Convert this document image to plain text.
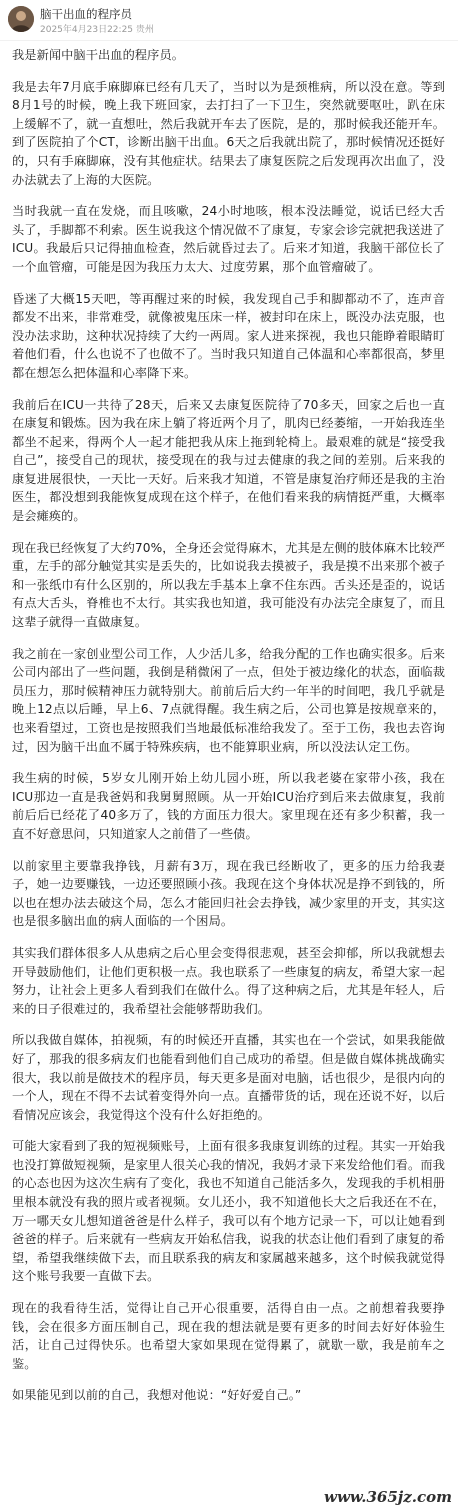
脑干出血的程序员
2025年4月23日22:25 贵州

我是新闻中脑干出血的程序员。

我是去年7月底手麻脚麻已经有几天了，当时以为是颈椎病，所以没在意。等到8月1号的时候，晚上我下班回家，去打扫了一下卫生，突然就要呕吐，趴在床上缓解不了，就一直想吐，然后我就开车去了医院，是的，那时候我还能开车。到了医院拍了个CT，诊断出脑干出血。6天之后我就出院了，那时候情况还挺好的，只有手麻脚麻，没有其他症状。结果去了康复医院之后发现再次出血了，没办法就去了上海的大医院。

当时我就一直在发烧，而且咳嗽，24小时地咳，根本没法睡觉，说话已经大舌头了，手脚都不利索。医生说我这个情况做不了康复，专家会诊完就把我送进了ICU。我最后只记得抽血检查，然后就昏过去了。后来才知道，我脑干部位长了一个血管瘤，可能是因为我压力太大、过度劳累，那个血管瘤破了。

昏迷了大概15天吧，等再醒过来的时候，我发现自己手和脚都动不了，连声音都发不出来，非常难受，就像被鬼压床一样，被封印在床上，既没办法克服，也没办法求助，这种状况持续了大约一两周。家人进来探视，我也只能睁着眼睛盯着他们看，什么也说不了也做不了。当时我只知道自己体温和心率都很高，梦里都在想怎么把体温和心率降下来。

我前后在ICU一共待了28天，后来又去康复医院待了70多天，回家之后也一直在康复和锻炼。因为我在床上躺了将近两个月了，肌肉已经萎缩，一开始我连坐都坐不起来，得两个人一起才能把我从床上拖到轮椅上。最艰难的就是“接受我自己”，接受自己的现状，接受现在的我与过去健康的我之间的差别。后来我的康复进展很快，一天比一天好。后来我才知道，不管是康复治疗师还是我的主治医生，都没想到我能恢复成现在这个样子，在他们看来我的病情挺严重，大概率是会瘫痪的。

现在我已经恢复了大约70%，全身还会觉得麻木，尤其是左侧的肢体麻木比较严重，左手的部分触觉其实是丢失的，比如说我去摸被子，我是摸不出来那个被子和一张纸巾有什么区别的，所以我左手基本上拿不住东西。舌头还是歪的，说话有点大舌头，脊椎也不太行。其实我也知道，我可能没有办法完全康复了，而且这辈子就得一直做康复。

我之前在一家创业型公司工作，人少活儿多，给我分配的工作也确实很多。后来公司内部出了一些问题，我倒是稍微闲了一点，但处于被边缘化的状态，面临裁员压力，那时候精神压力就特别大。前前后后大约一年半的时间吧，我几乎就是晚上12点以后睡，早上6、7点就得醒。我生病之后，公司也算是按规章来的，也来看望过，工资也是按照我们当地最低标准给我发了。至于工伤，我也去咨询过，因为脑干出血不属于特殊疾病，也不能算职业病，所以没法认定工伤。

我生病的时候，5岁女儿刚开始上幼儿园小班，所以我老婆在家带小孩，我在ICU那边一直是我爸妈和我舅舅照顾。从一开始ICU治疗到后来去做康复，我前前后后已经花了40多万了，钱的方面压力很大。家里现在还有多少积蓄，我一直不好意思问，只知道家人之前借了一些债。

以前家里主要靠我挣钱，月薪有3万，现在我已经断收了，更多的压力给我妻子，她一边要赚钱，一边还要照顾小孩。我现在这个身体状况是挣不到钱的，所以也在想办法去破这个局，怎么才能回归社会去挣钱，减少家里的开支，其实这也是很多脑出血的病人面临的一个困局。

其实我们群体很多人从患病之后心里会变得很悲观，甚至会抑郁，所以我就想去开导鼓励他们，让他们更积极一点。我也联系了一些康复的病友，希望大家一起努力，让社会上更多人看到我们在做什么。得了这种病之后，尤其是年轻人，后来的日子很难过的，我希望社会能够帮助我们。

所以我做自媒体，拍视频，有的时候还开直播，其实也在一个尝试，如果我能做好了，那我的很多病友们也能看到他们自己成功的希望。但是做自媒体挑战确实很大，我以前是做技术的程序员，每天更多是面对电脑，话也很少，是很内向的一个人，现在不得不去试着变得外向一点。直播带货的话，现在还说不好，以后看情况应该会，我觉得这个没有什么好拒绝的。

可能大家看到了我的短视频账号，上面有很多我康复训练的过程。其实一开始我也没打算做短视频，是家里人很关心我的情况，我妈才录下来发给他们看。而我的心态也因为这次生病有了变化，我也不知道自己能活多久，发现我的手机相册里根本就没有我的照片或者视频。女儿还小，我不知道他长大之后我还在不在，万一哪天女儿想知道爸爸是什么样子，我可以有个地方记录一下，可以让她看到爸爸的样子。后来就有一些病友开始私信我，说我的状态让他们看到了康复的希望，希望我继续做下去，而且联系我的病友和家属越来越多，这个时候我就觉得这个账号我要一直做下去。

现在的我看待生活，觉得让自己开心很重要，活得自由一点。之前想着我要挣钱，会在很多方面压制自己，现在我的想法就是要有更多的时间去好好体验生活，让自己过得快乐。也希望大家如果现在觉得累了，就歇一歇，我是前车之鉴。

如果能见到以前的自己，我想对他说：“好好爱自己。”

www.365jz.com
